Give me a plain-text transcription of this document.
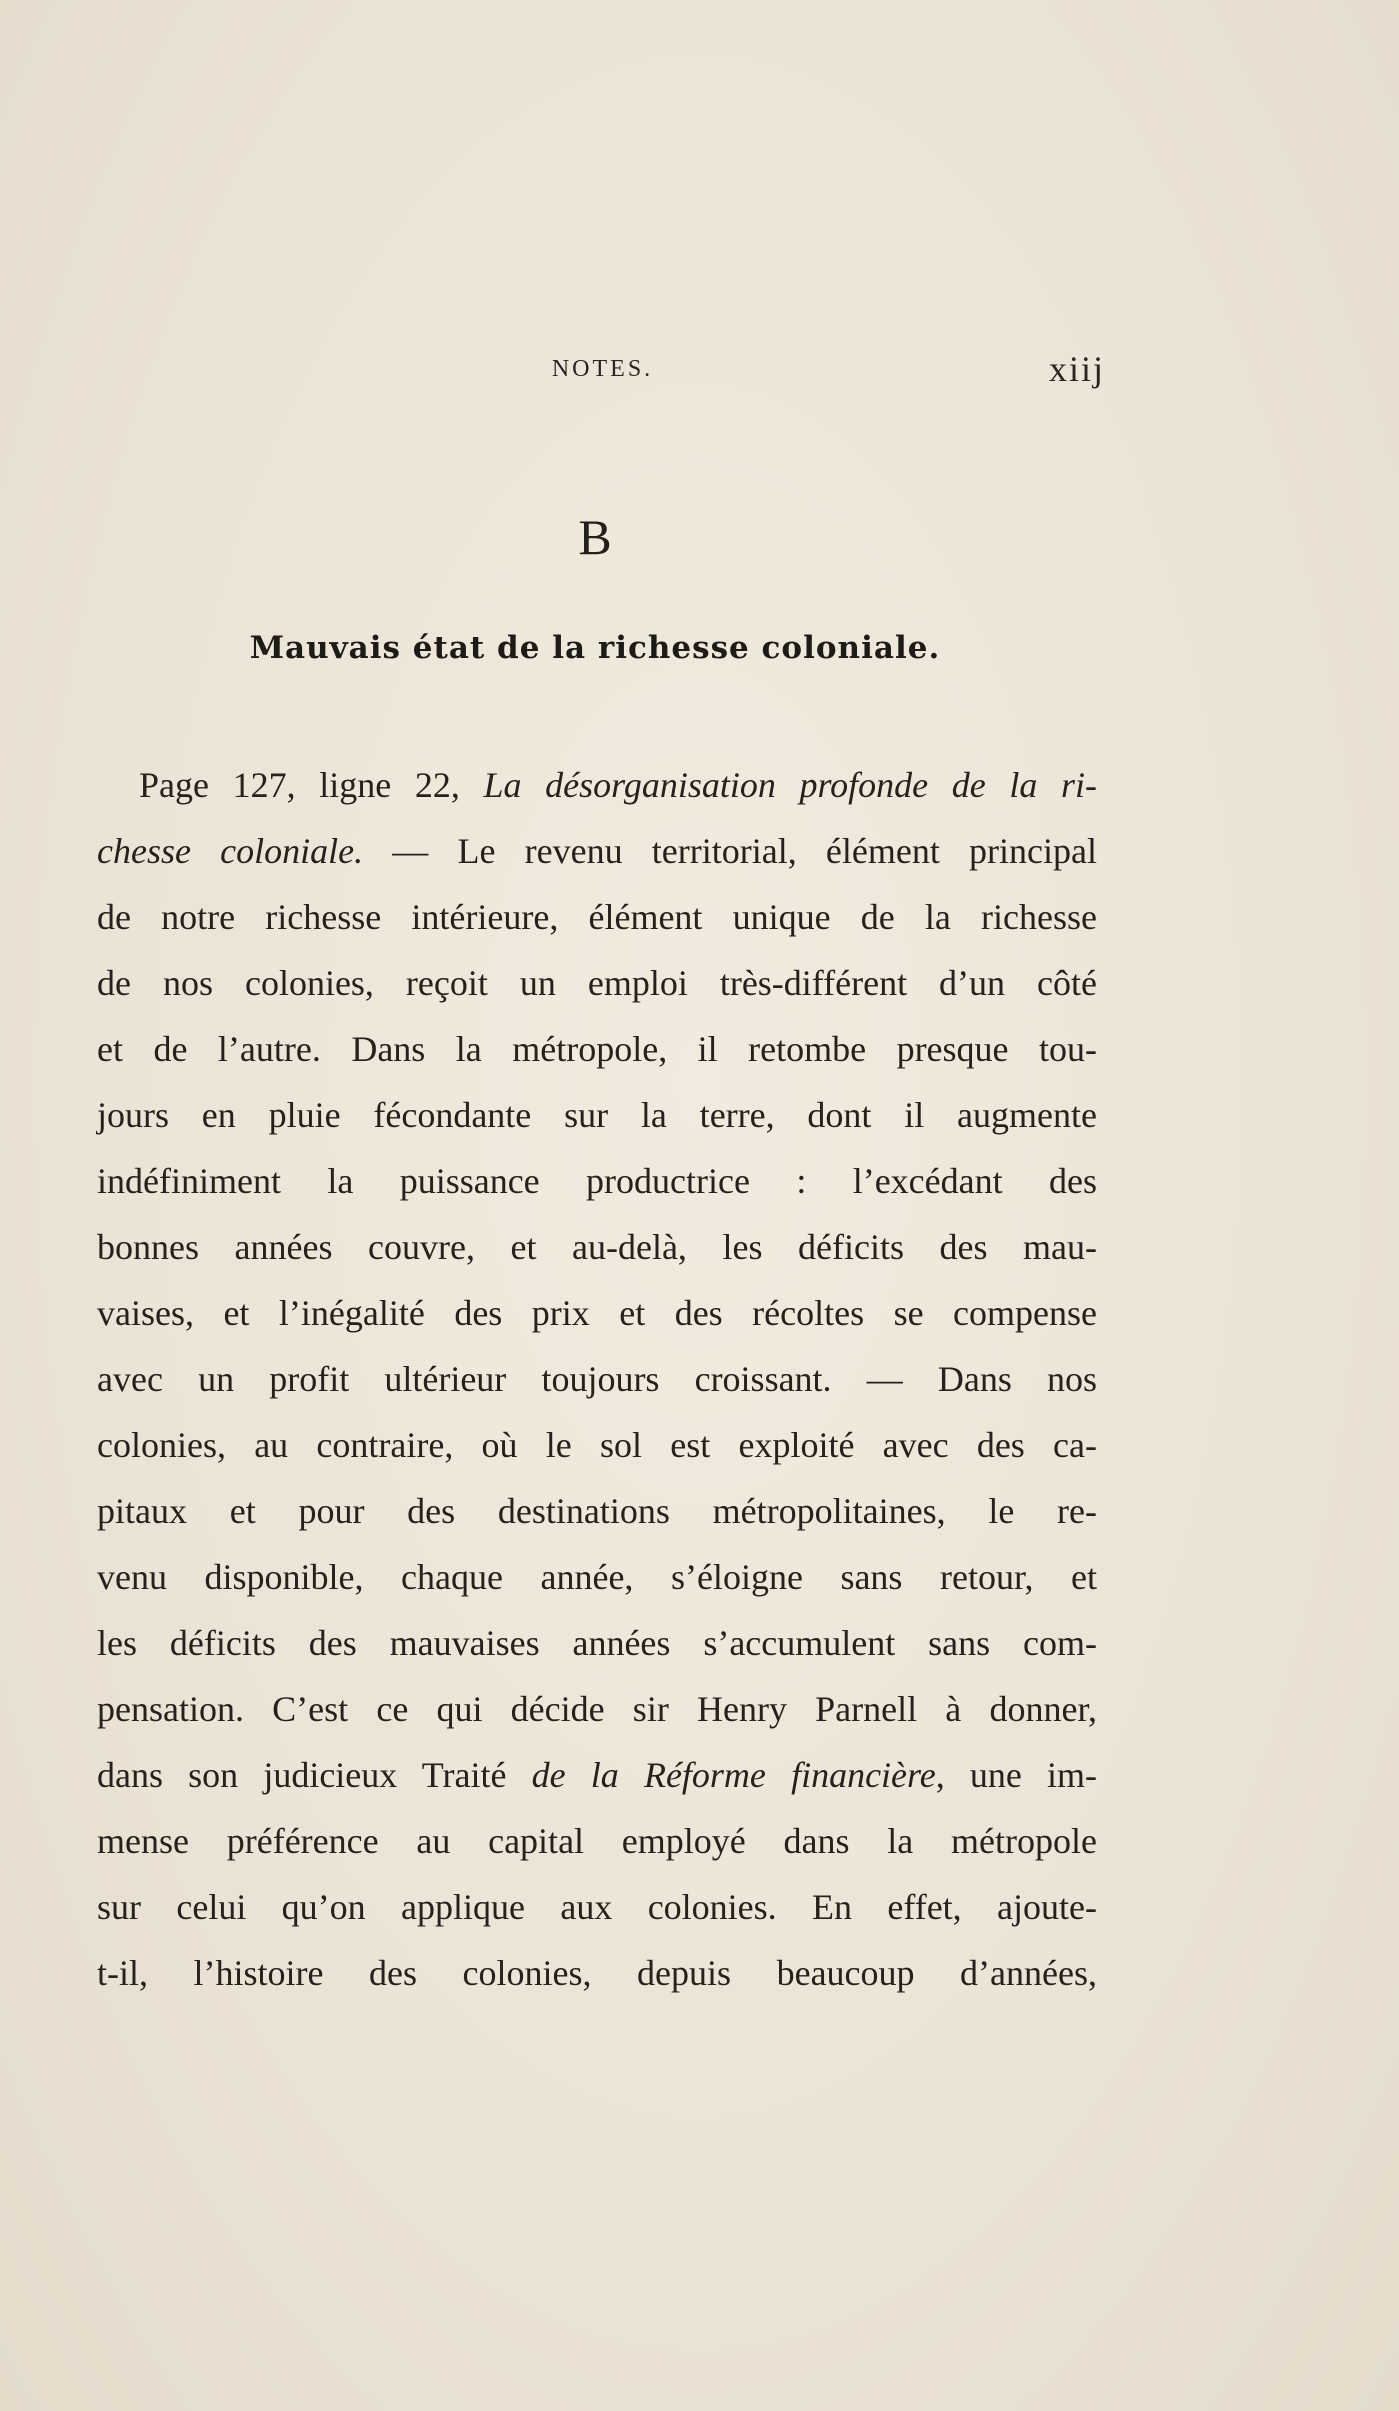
NOTES.	xiij
B
Mauvais état de la richesse coloniale.
Page 127, ligne 22, La désorganisation profonde de la ri-
chesse coloniale. — Le revenu territorial, élément principal
de notre richesse intérieure, élément unique de la richesse
de nos colonies, reçoit un emploi très-différent d’un côté
et de l’autre. Dans la métropole, il retombe presque tou-
jours en pluie fécondante sur la terre, dont il augmente
indéfiniment la puissance productrice : l’excédant des
bonnes années couvre, et au-delà, les déficits des mau-
vaises, et l’inégalité des prix et des récoltes se compense
avec un profit ultérieur toujours croissant. — Dans nos
colonies, au contraire, où le sol est exploité avec des ca-
pitaux et pour des destinations métropolitaines, le re-
venu disponible, chaque année, s’éloigne sans retour, et
les déficits des mauvaises années s’accumulent sans com-
pensation. C’est ce qui décide sir Henry Parnell à donner,
dans son judicieux Traité de la Réforme financière, une im-
mense préférence au capital employé dans la métropole
sur celui qu’on applique aux colonies. En effet, ajoute-
t-il, l’histoire des colonies, depuis beaucoup d’années,
